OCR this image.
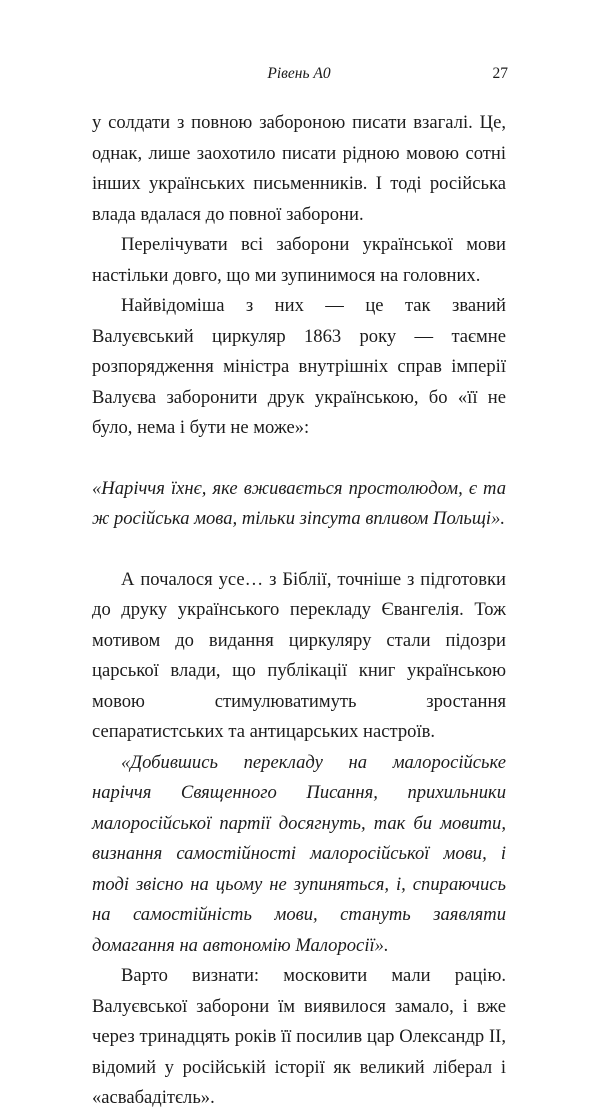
Рівень А0	27

у солдати з повною забороною писати взагалі. Це, однак, лише заохотило писати рідною мовою сотні інших українських письменників. І тоді російська влада вдалася до повної заборони.

Перелічувати всі заборони української мови настільки довго, що ми зупинимося на головних.

Найвідоміша з них — це так званий Валуєвський циркуляр 1863 року — таємне розпорядження міністра внутрішніх справ імперії Валуєва заборонити друк українською, бо «її не було, нема і бути не може»:

«Наріччя їхнє, яке вживається простолюдом, є та ж російська мова, тільки зіпсута впливом Польщі».

А почалося усе… з Біблії, точніше з підготовки до друку українського перекладу Євангелія. Тож мотивом до видання циркуляру стали підозри царської влади, що публікації книг українською мовою стимулюватимуть зростання сепаратистських та антицарських настроїв.

«Добившись перекладу на малоросійське наріччя Священного Писання, прихильники малоросійської партії досягнуть, так би мовити, визнання самостійності малоросійської мови, і тоді звісно на цьому не зупиняться, і, спираючись на самостійність мови, стануть заявляти домагання на автономію Малоросії».

Варто визнати: московити мали рацію. Валуєвської заборони їм виявилося замало, і вже через тринадцять років її посилив цар Олександр II, відомий у російській історії як великий ліберал і «асвабадітєль».
